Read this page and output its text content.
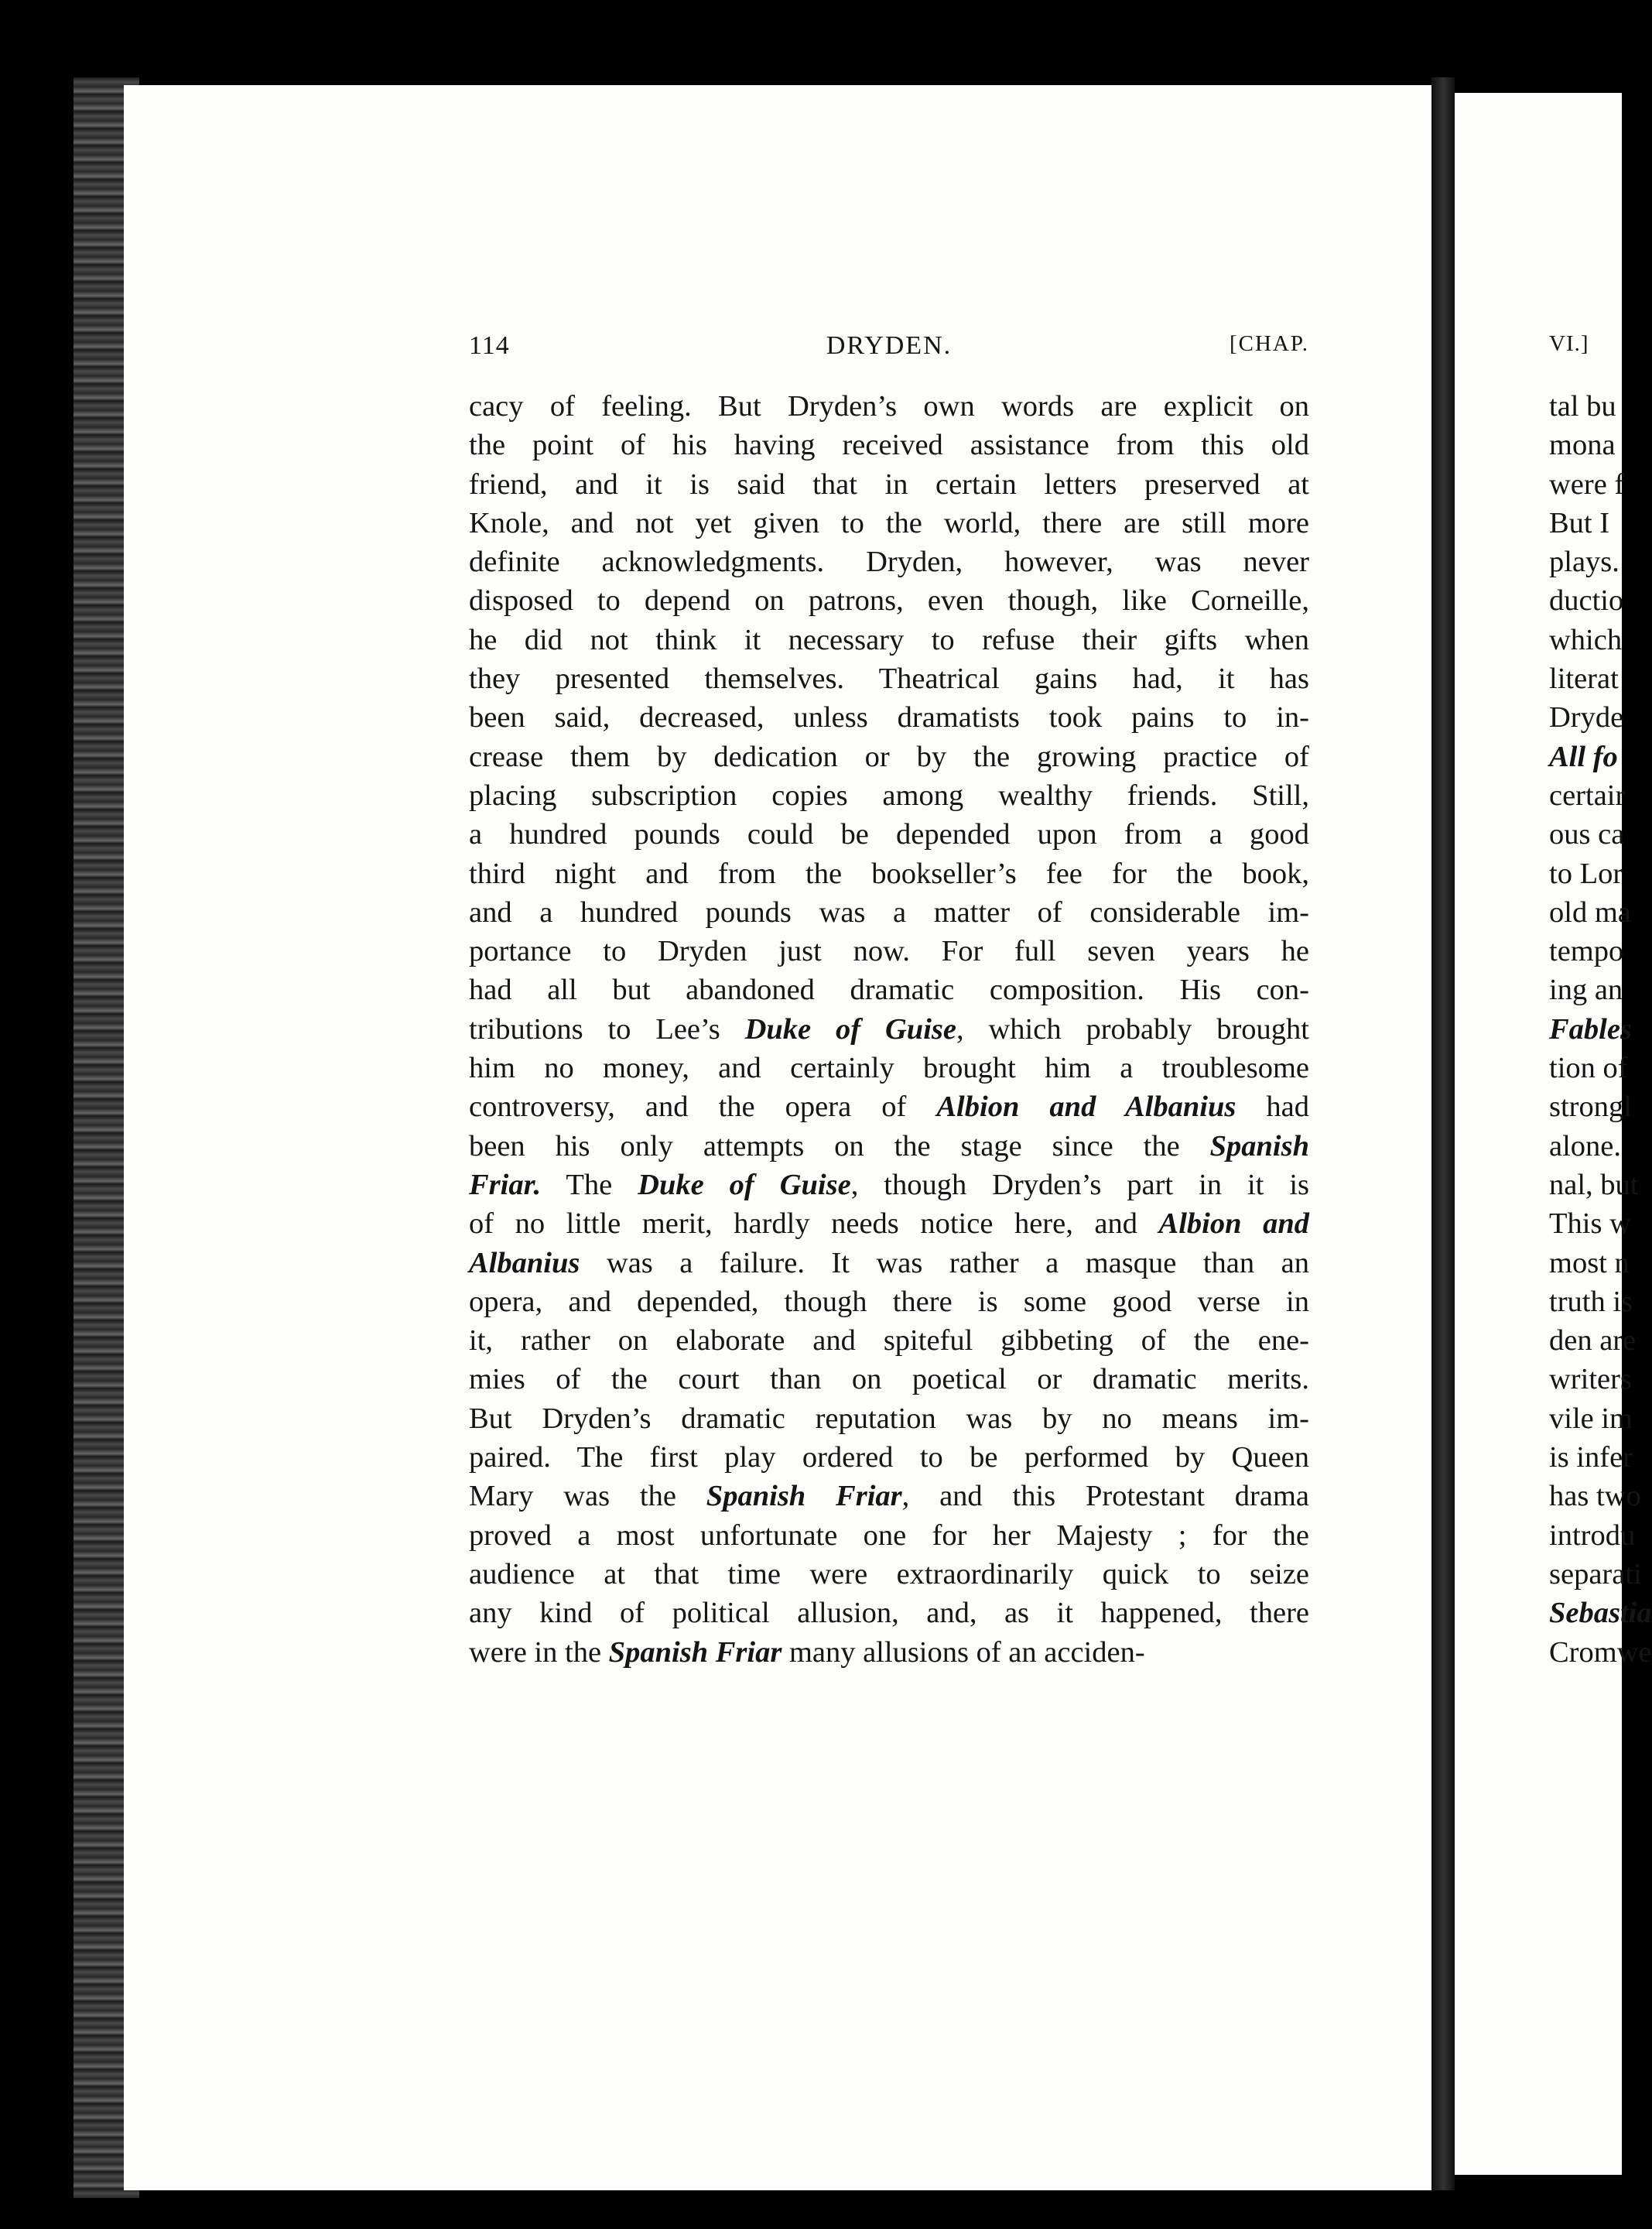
114	DRYDEN.	[CHAP.
cacy of feeling. But Dryden’s own words are explicit on
the point of his having received assistance from this old
friend, and it is said that in certain letters preserved at
Knole, and not yet given to the world, there are still more
definite acknowledgments. Dryden, however, was never
disposed to depend on patrons, even though, like Corneille,
he did not think it necessary to refuse their gifts when
they presented themselves. Theatrical gains had, it has
been said, decreased, unless dramatists took pains to in-
crease them by dedication or by the growing practice of
placing subscription copies among wealthy friends. Still,
a hundred pounds could be depended upon from a good
third night and from the bookseller’s fee for the book,
and a hundred pounds was a matter of considerable im-
portance to Dryden just now. For full seven years he
had all but abandoned dramatic composition. His con-
tributions to Lee’s Duke of Guise, which probably brought
him no money, and certainly brought him a troublesome
controversy, and the opera of Albion and Albanius had
been his only attempts on the stage since the Spanish
Friar. The Duke of Guise, though Dryden’s part in it is
of no little merit, hardly needs notice here, and Albion and
Albanius was a failure. It was rather a masque than an
opera, and depended, though there is some good verse in
it, rather on elaborate and spiteful gibbeting of the ene-
mies of the court than on poetical or dramatic merits.
But Dryden’s dramatic reputation was by no means im-
paired. The first play ordered to be performed by Queen
Mary was the Spanish Friar, and this Protestant drama
proved a most unfortunate one for her Majesty ; for the
audience at that time were extraordinarily quick to seize
any kind of political allusion, and, as it happened, there
were in the Spanish Friar many allusions of an acciden-
VI.]
tal bu
mona
were f
But I
plays.
ductio
which
literat
Dryde
All fo
certair
ous ca
to Lor
old ma
tempo
ing an
Fables
tion of
strongl
alone.
nal, but
This w
most n
truth is
den are
writers
vile im
is infer
has two
introdu
separati
Sebastia
Cromwe
